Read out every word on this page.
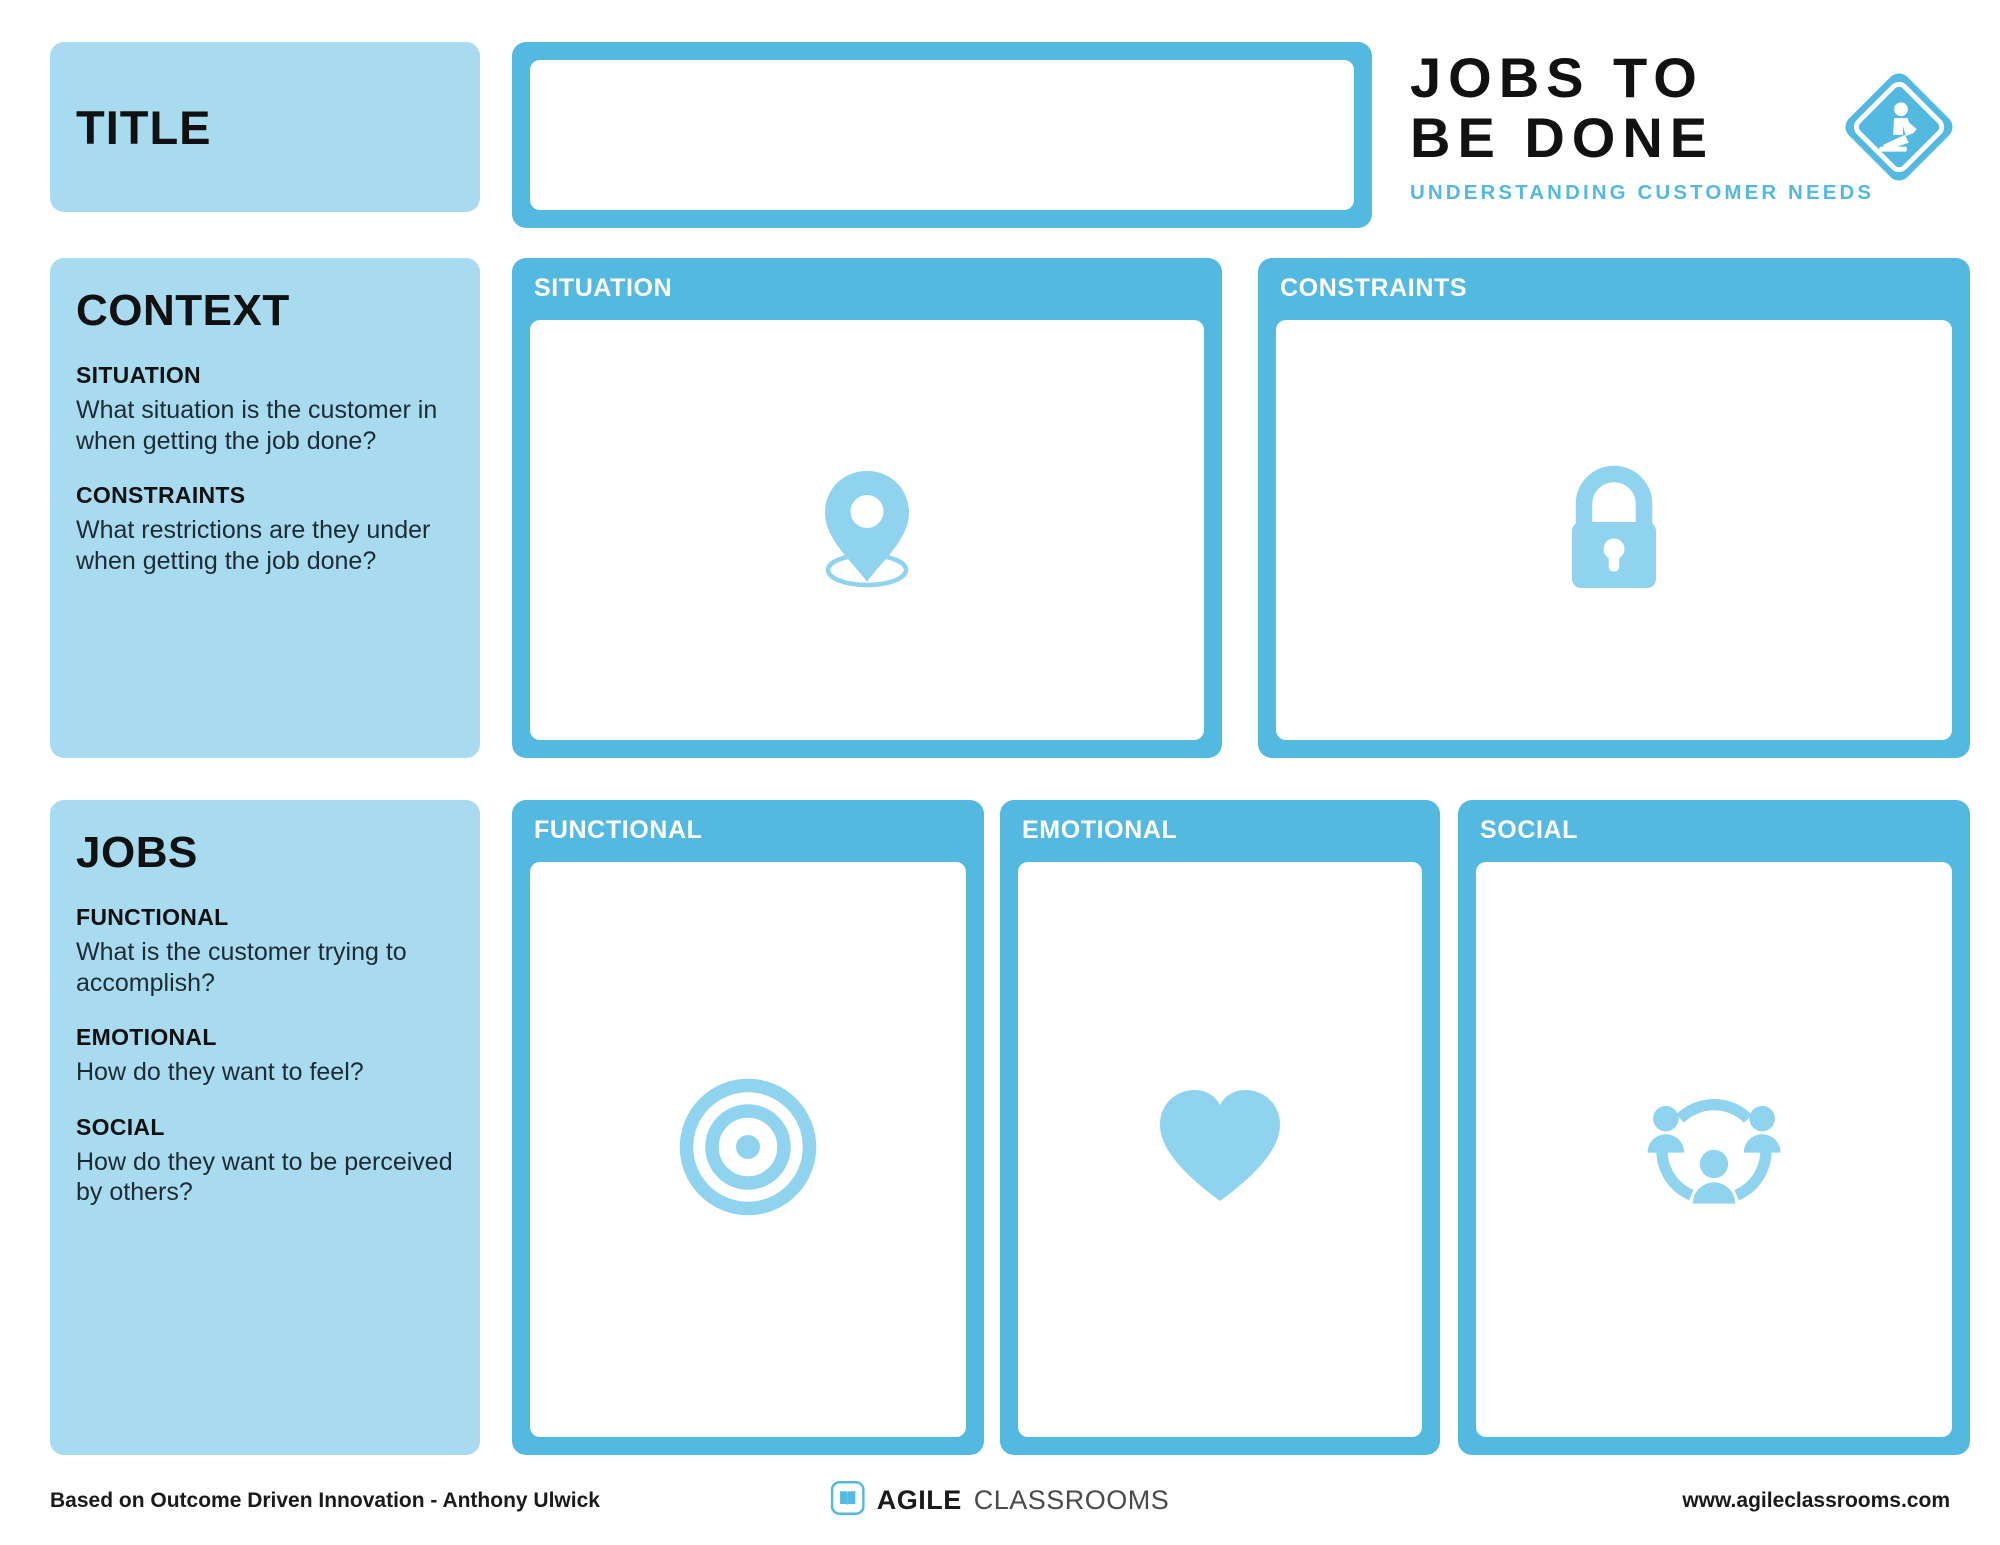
TITLE
JOBS TO
BE DONE
UNDERSTANDING CUSTOMER NEEDS
CONTEXT
SITUATION
What situation is the customer in when getting the job done?
CONSTRAINTS
What restrictions are they under when getting the job done?
SITUATION	CONSTRAINTS
JOBS
FUNCTIONAL
What is the customer trying to accomplish?
EMOTIONAL
How do they want to feel?
SOCIAL
How do they want to be perceived by others?
FUNCTIONAL	EMOTIONAL	SOCIAL
Based on Outcome Driven Innovation - Anthony Ulwick	AGILE CLASSROOMS	www.agileclassrooms.com
